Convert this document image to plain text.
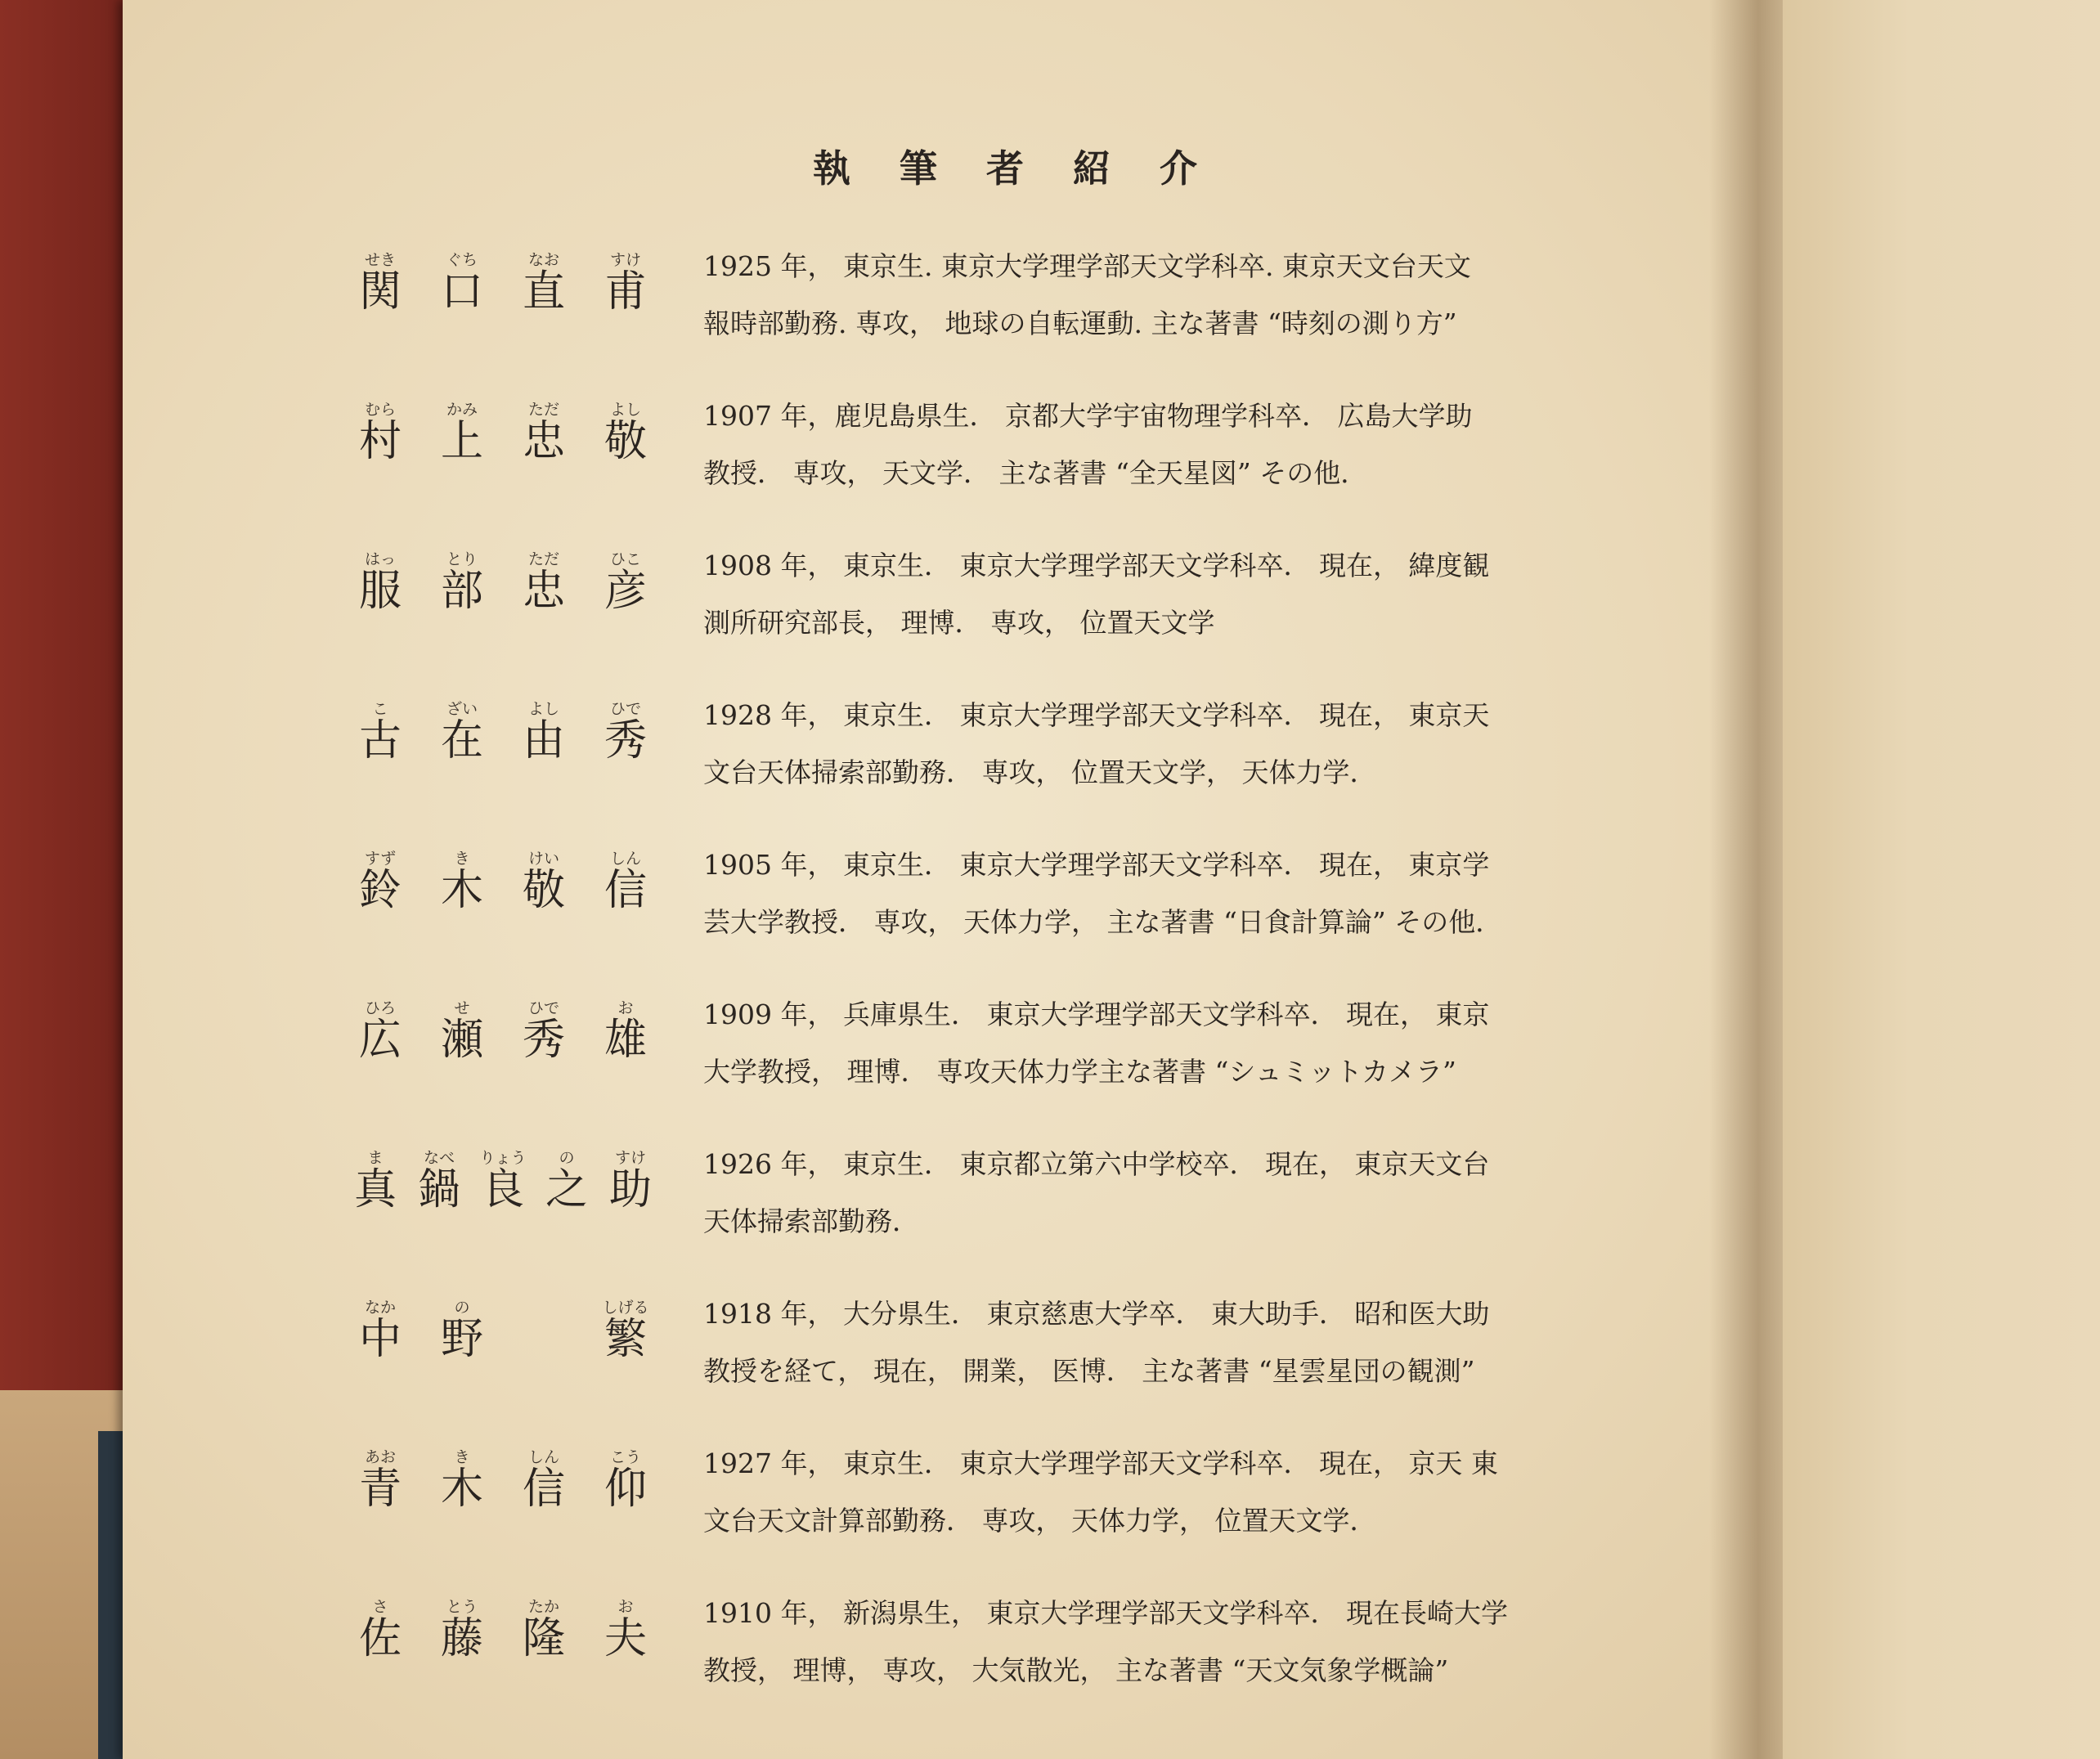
執 筆 者 紹 介
せき
関
ぐち
口
なお
直
すけ
甫
1925 年， 東京生. 東京大学理学部天文学科卒. 東京天文台天文
報時部勤務. 専攻， 地球の自転運動. 主な著書 “時刻の測り方”
むら
村
かみ
上
ただ
忠
よし
敬
1907 年，鹿児島県生． 京都大学宇宙物理学科卒． 広島大学助
教授． 専攻， 天文学． 主な著書 “全天星図” その他．
はっ
服
とり
部
ただ
忠
ひこ
彦
1908 年， 東京生． 東京大学理学部天文学科卒． 現在， 緯度観
測所研究部長， 理博． 専攻， 位置天文学
こ
古
ざい
在
よし
由
ひで
秀
1928 年， 東京生． 東京大学理学部天文学科卒． 現在， 東京天
文台天体掃索部勤務． 専攻， 位置天文学， 天体力学．
すず
鈴
き
木
けい
敬
しん
信
1905 年， 東京生． 東京大学理学部天文学科卒． 現在， 東京学
芸大学教授． 専攻， 天体力学， 主な著書 “日食計算論” その他．
ひろ
広
せ
瀬
ひで
秀
お
雄
1909 年， 兵庫県生． 東京大学理学部天文学科卒． 現在， 東京
大学教授， 理博． 専攻天体力学主な著書 “シュミットカメラ”
ま
真
なべ
鍋
りょう
良
の
之
すけ
助
1926 年， 東京生． 東京都立第六中学校卒． 現在， 東京天文台
天体掃索部勤務．
なか
中
の
野
しげる
繁
1918 年， 大分県生． 東京慈恵大学卒． 東大助手． 昭和医大助
教授を経て， 現在， 開業， 医博． 主な著書 “星雲星団の観測”
あお
青
き
木
しん
信
こう
仰
1927 年， 東京生． 東京大学理学部天文学科卒． 現在， 京天 東
文台天文計算部勤務． 専攻， 天体力学， 位置天文学．
さ
佐
とう
藤
たか
隆
お
夫
1910 年， 新潟県生， 東京大学理学部天文学科卒． 現在長崎大学
教授， 理博， 専攻， 大気散光， 主な著書 “天文気象学概論”
